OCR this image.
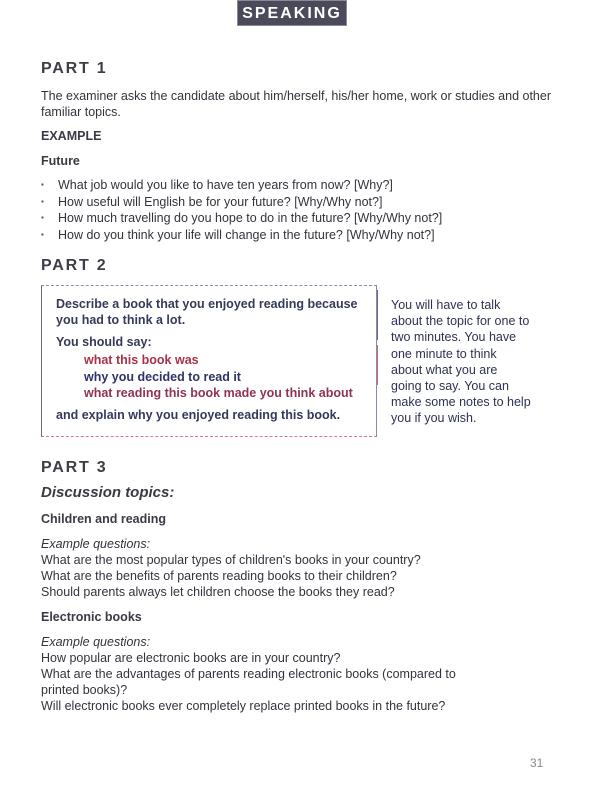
SPEAKING
PART 1
The examiner asks the candidate about him/herself, his/her home, work or studies and other familiar topics.
EXAMPLE
Future
▪ What job would you like to have ten years from now? [Why?]
▪ How useful will English be for your future? [Why/Why not?]
▪ How much travelling do you hope to do in the future? [Why/Why not?]
▪ How do you think your life will change in the future? [Why/Why not?]
PART 2
Describe a book that you enjoyed reading because you had to think a lot.
You should say:
what this book was
why you decided to read it
what reading this book made you think about
and explain why you enjoyed reading this book.
You will have to talk about the topic for one to two minutes. You have one minute to think about what you are going to say. You can make some notes to help you if you wish.
PART 3
Discussion topics:
Children and reading
Example questions:
What are the most popular types of children's books in your country?
What are the benefits of parents reading books to their children?
Should parents always let children choose the books they read?
Electronic books
Example questions:
How popular are electronic books are in your country?
What are the advantages of parents reading electronic books (compared to printed books)?
Will electronic books ever completely replace printed books in the future?
31
